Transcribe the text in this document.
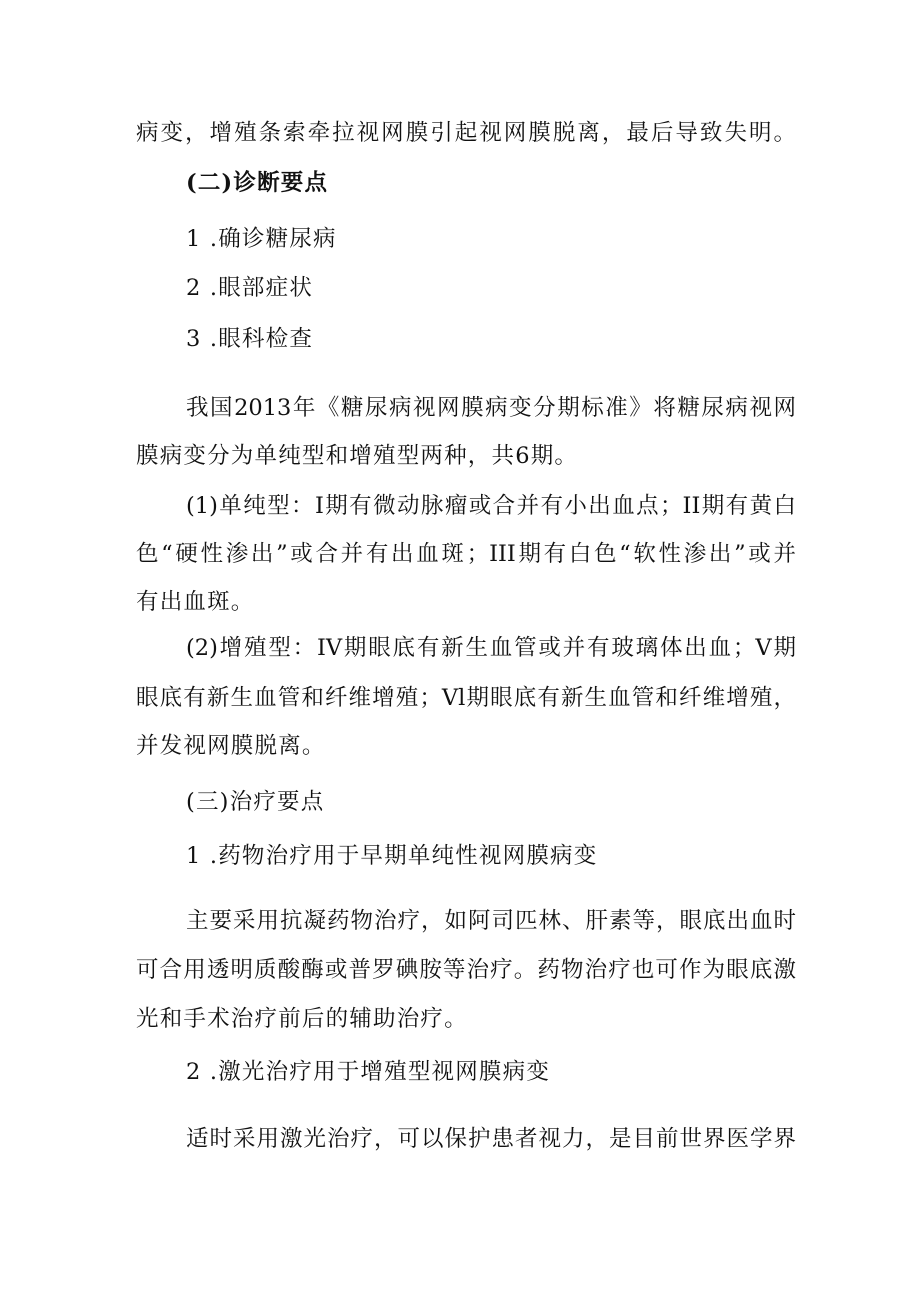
病变，增殖条索牵拉视网膜引起视网膜脱离，最后导致失明。
(二)诊断要点
1 .确诊糖尿病
2 .眼部症状
3 .眼科检查
我国2013年《糖尿病视网膜病变分期标准》将糖尿病视网
膜病变分为单纯型和增殖型两种，共6期。
(1)单纯型：I期有微动脉瘤或合并有小出血点；II期有黄白
色“硬性渗出”或合并有出血斑；III期有白色“软性渗出”或并
有出血斑。
(2)增殖型：IV期眼底有新生血管或并有玻璃体出血；V期
眼底有新生血管和纤维增殖；Vl期眼底有新生血管和纤维增殖，
并发视网膜脱离。
(三)治疗要点
1 .药物治疗用于早期单纯性视网膜病变
主要采用抗凝药物治疗，如阿司匹林、肝素等，眼底出血时
可合用透明质酸酶或普罗碘胺等治疗。药物治疗也可作为眼底激
光和手术治疗前后的辅助治疗。
2 .激光治疗用于增殖型视网膜病变
适时采用激光治疗，可以保护患者视力，是目前世界医学界
